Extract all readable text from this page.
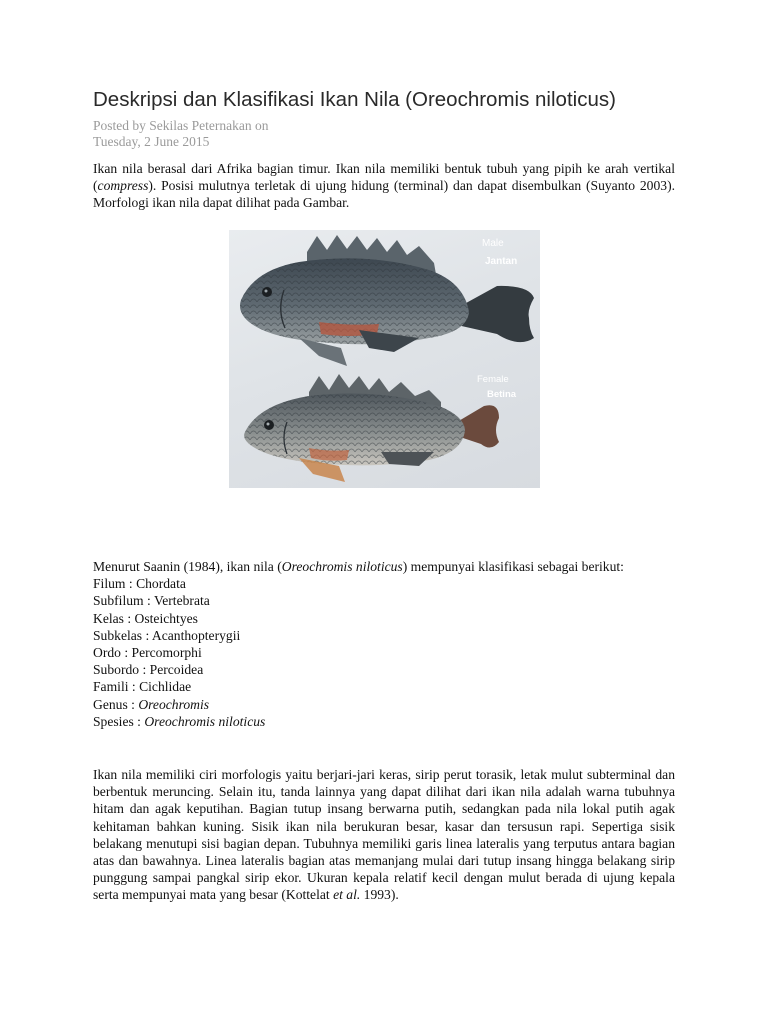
Deskripsi dan Klasifikasi Ikan Nila (Oreochromis niloticus)
Posted by Sekilas Peternakan on
Tuesday, 2 June 2015

Ikan nila berasal dari Afrika bagian timur. Ikan nila memiliki bentuk tubuh yang pipih ke arah vertikal (compress). Posisi mulutnya terletak di ujung hidung (terminal) dan dapat disembulkan (Suyanto 2003). Morfologi ikan nila dapat dilihat pada Gambar.

Male
Jantan
Female
Betina
Menurut Saanin (1984), ikan nila (Oreochromis niloticus) mempunyai klasifikasi sebagai berikut:
Filum : Chordata
Subfilum : Vertebrata
Kelas : Osteichtyes
Subkelas : Acanthopterygii
Ordo : Percomorphi
Subordo : Percoidea
Famili : Cichlidae
Genus : Oreochromis
Spesies : Oreochromis niloticus

Ikan nila memiliki ciri morfologis yaitu berjari-jari keras, sirip perut torasik, letak mulut subterminal dan berbentuk meruncing. Selain itu, tanda lainnya yang dapat dilihat dari ikan nila adalah warna tubuhnya hitam dan agak keputihan. Bagian tutup insang berwarna putih, sedangkan pada nila lokal putih agak kehitaman bahkan kuning. Sisik ikan nila berukuran besar, kasar dan tersusun rapi. Sepertiga sisik belakang menutupi sisi bagian depan. Tubuhnya memiliki garis linea lateralis yang terputus antara bagian atas dan bawahnya. Linea lateralis bagian atas memanjang mulai dari tutup insang hingga belakang sirip punggung sampai pangkal sirip ekor. Ukuran kepala relatif kecil dengan mulut berada di ujung kepala serta mempunyai mata yang besar (Kottelat et al. 1993).
